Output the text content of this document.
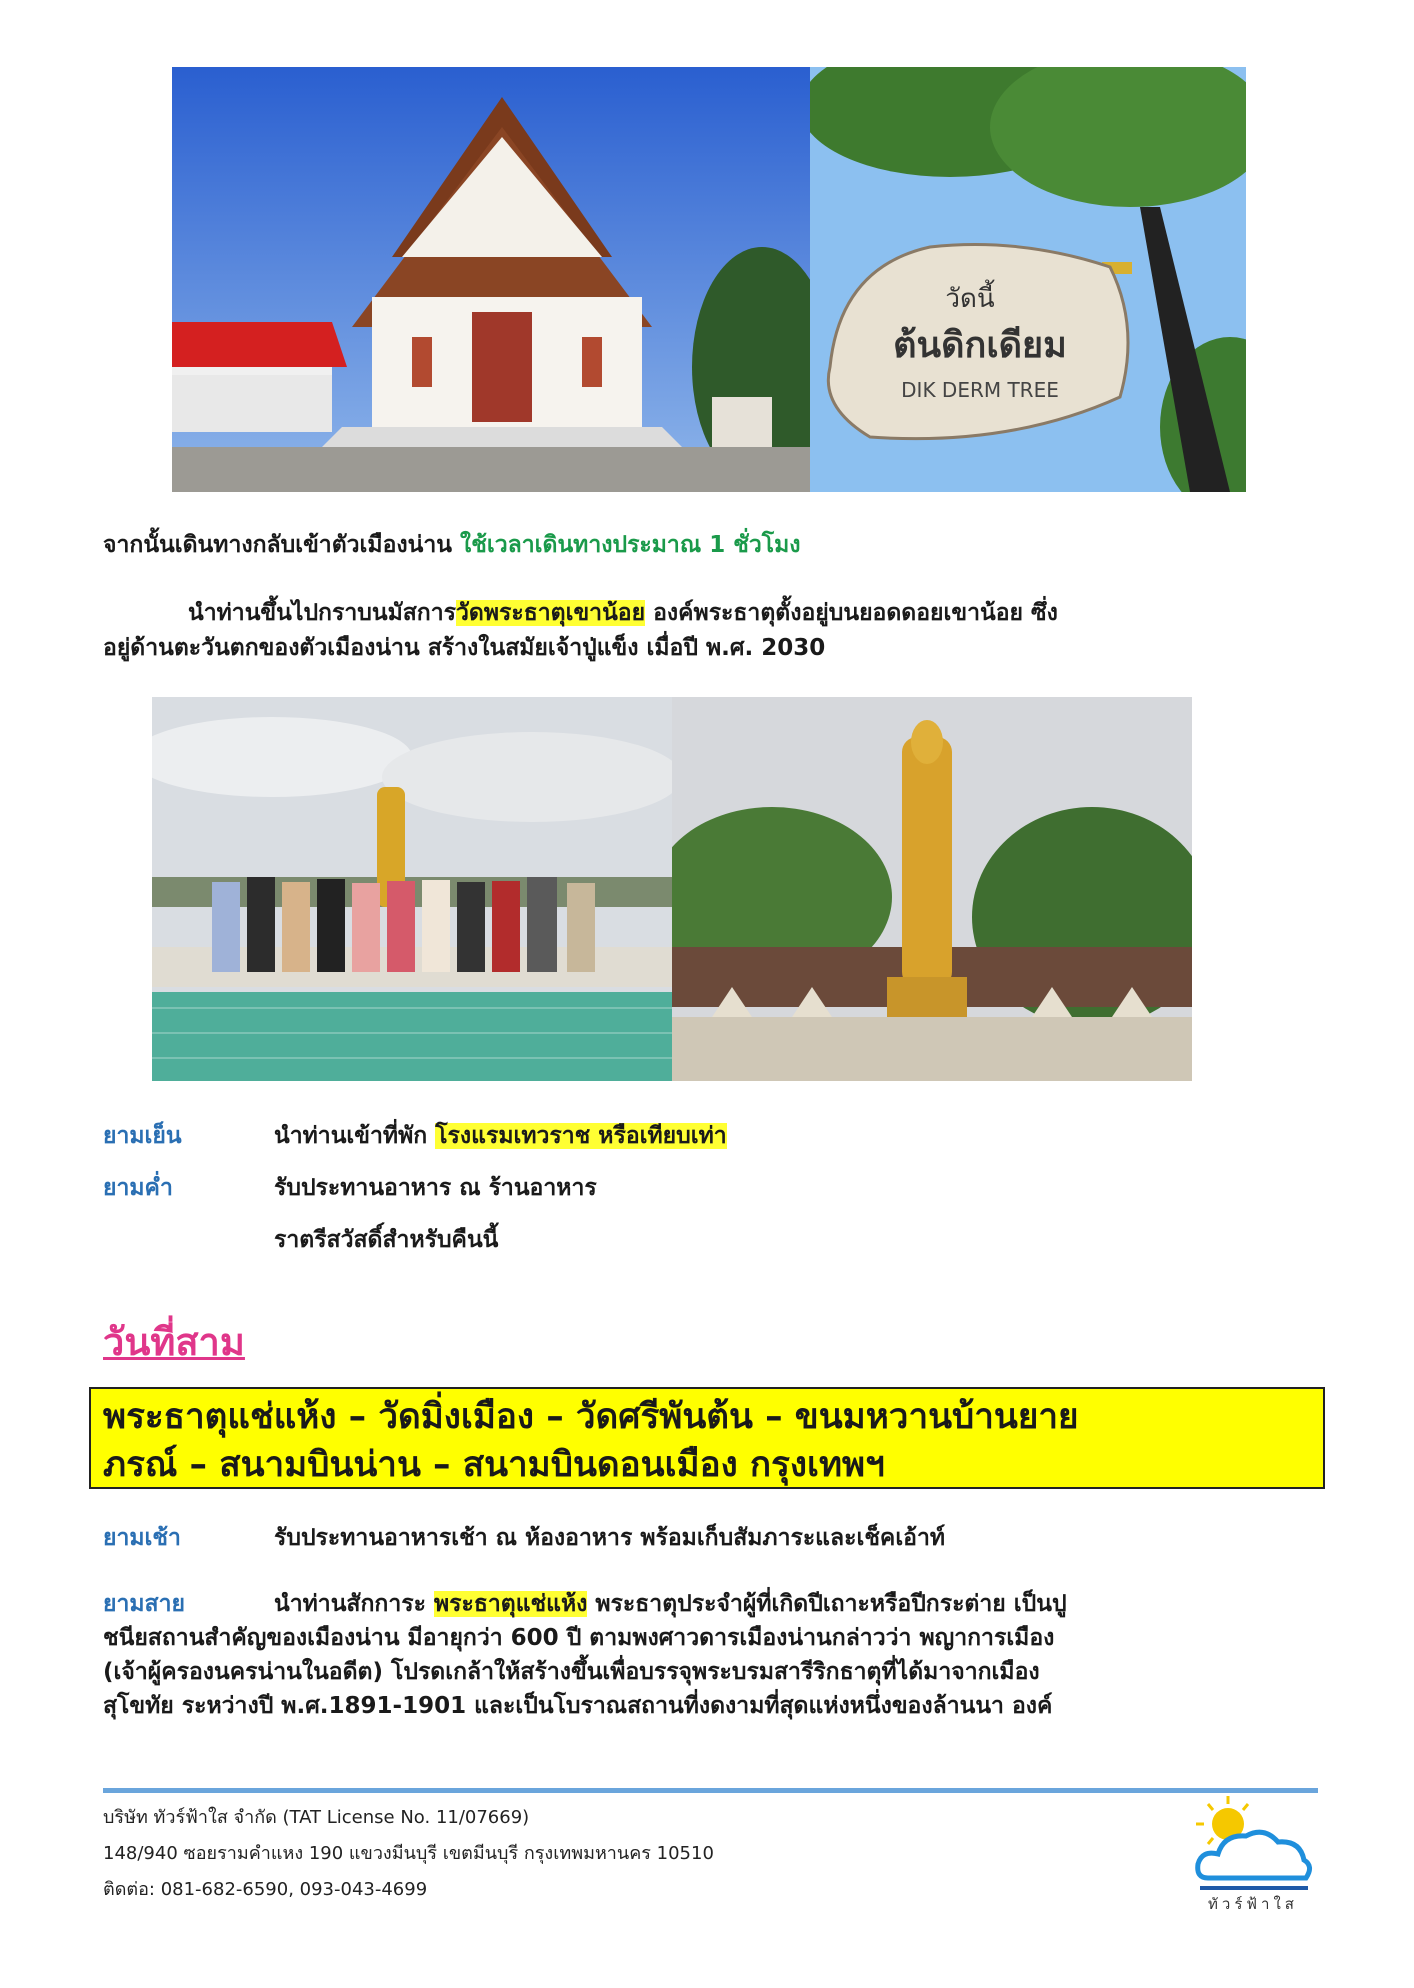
วัดนี้
ต้นดิกเดียม
DIK DERM TREE
จากนั้นเดินทางกลับเข้าตัวเมืองน่าน ใช้เวลาเดินทางประมาณ 1 ชั่วโมง
นำท่านขึ้นไปกราบนมัสการวัดพระธาตุเขาน้อย องค์พระธาตุตั้งอยู่บนยอดดอยเขาน้อย ซึ่ง
อยู่ด้านตะวันตกของตัวเมืองน่าน สร้างในสมัยเจ้าปู่แข็ง เมื่อปี พ.ศ. 2030
ยามเย็น	นำท่านเข้าที่พัก โรงแรมเทวราช หรือเทียบเท่า
ยามค่ำ	รับประทานอาหาร ณ ร้านอาหาร
ราตรีสวัสดิ์สำหรับคืนนี้
วันที่สาม
พระธาตุแช่แห้ง – วัดมิ่งเมือง – วัดศรีพันต้น – ขนมหวานบ้านยาย
ภรณ์ – สนามบินน่าน – สนามบินดอนเมือง กรุงเทพฯ
ยามเช้า	รับประทานอาหารเช้า ณ ห้องอาหาร พร้อมเก็บสัมภาระและเช็คเอ้าท์
ยามสาย	นำท่านสักการะ พระธาตุแช่แห้ง พระธาตุประจำผู้ที่เกิดปีเถาะหรือปีกระต่าย เป็นปู
ชนียสถานสำคัญของเมืองน่าน มีอายุกว่า 600 ปี ตามพงศาวดารเมืองน่านกล่าวว่า พญาการเมือง
(เจ้าผู้ครองนครน่านในอดีต) โปรดเกล้าให้สร้างขึ้นเพื่อบรรจุพระบรมสารีริกธาตุที่ได้มาจากเมือง
สุโขทัย ระหว่างปี พ.ศ.1891-1901 และเป็นโบราณสถานที่งดงามที่สุดแห่งหนึ่งของล้านนา องค์
บริษัท ทัวร์ฟ้าใส จำกัด (TAT License No. 11/07669)
148/940 ซอยรามคำแหง 190 แขวงมีนบุรี เขตมีนบุรี กรุงเทพมหานคร 10510
ติดต่อ: 081-682-6590, 093-043-4699
ทัวร์ฟ้าใส
